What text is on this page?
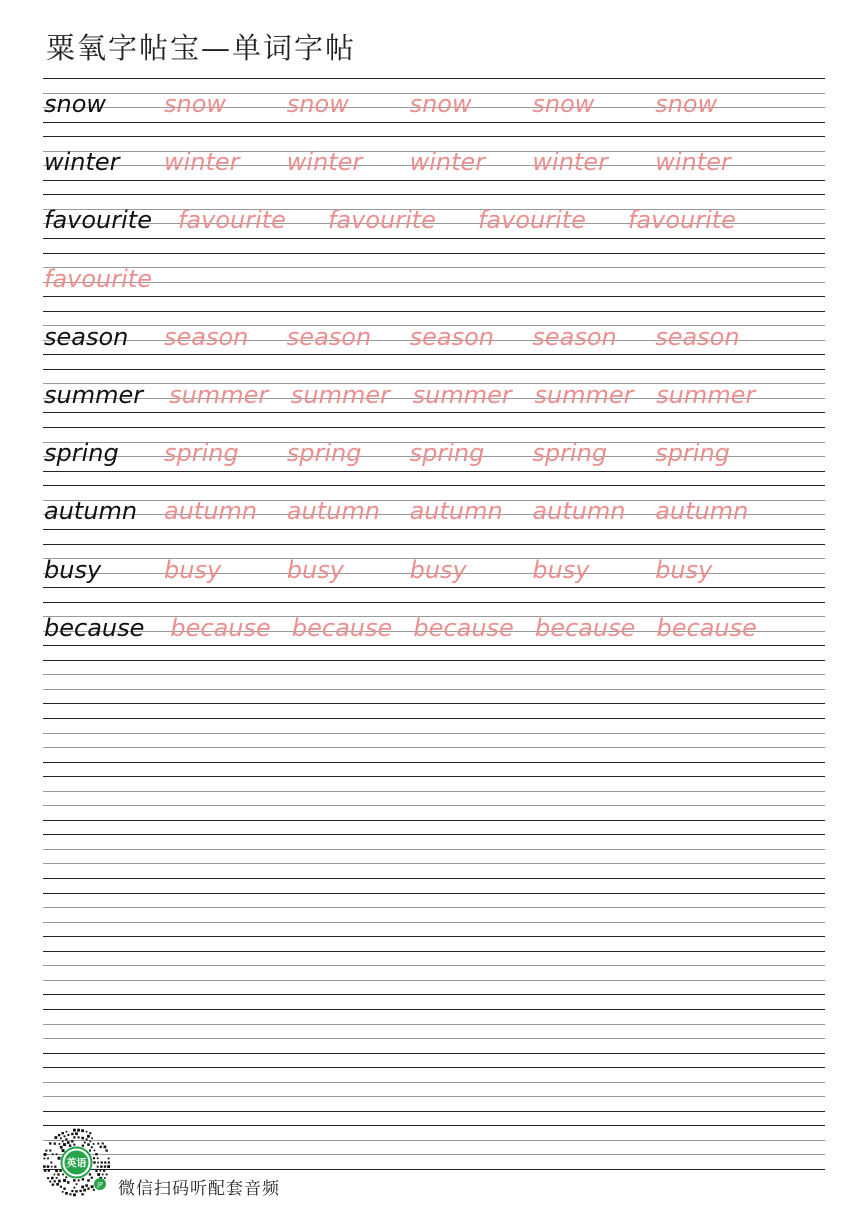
粟氧字帖宝—单词字帖
snow snow	snow	snow	snow	snow
winter winter winter winter winter winter
favourite favourite favourite favourite favourite
favourite
season season season season season season
summer summer summer summer summer summer
spring spring spring spring spring spring
autumn autumn autumn autumn autumn autumn
busy	busy	busy	busy	busy	busy
because because because because because because
英语
JP 微信扫码听配套音频
